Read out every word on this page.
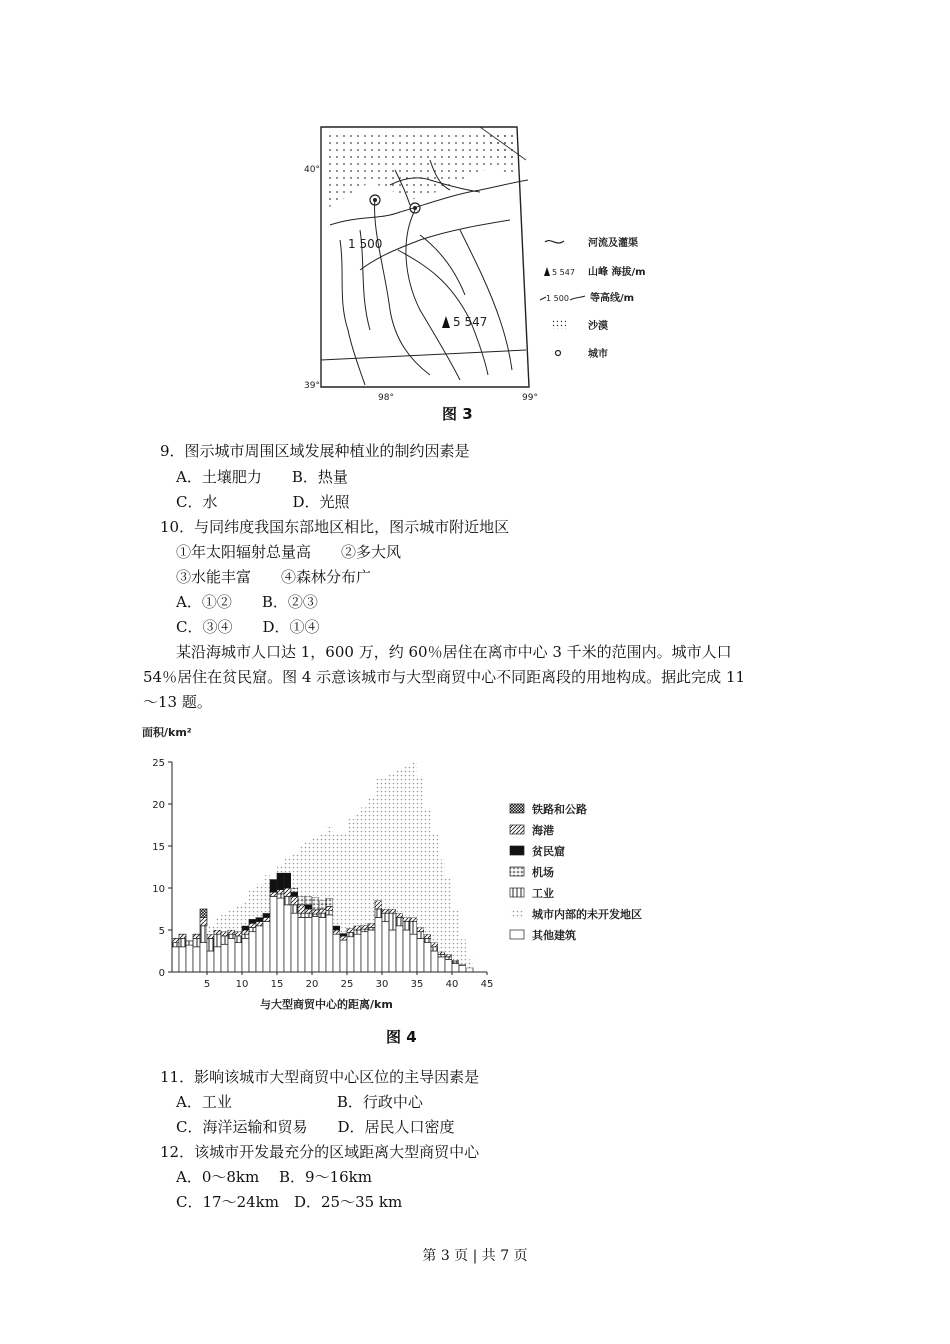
1 500
5 547
40°
39°
98°	99°
河流及灌渠
5 547 山峰 海拔/m
1 500 等高线/m
沙漠
城市
图 3
9．图示城市周围区域发展种植业的制约因素是
A．土壤肥力　　B．热量
C．水　　　　　D．光照
10．与同纬度我国东部地区相比，图示城市附近地区
①年太阳辐射总量高　　②多大风
③水能丰富　　④森林分布广
A．①②　　B．②③
C．③④　　D．①④
某沿海城市人口达 1，600 万，约 60％居住在离市中心 3 千米的范围内。城市人口
54％居住在贫民窟。图 4 示意该城市与大型商贸中心不同距离段的用地构成。据此完成 11
～13 题。
0
5
10
15
20
25
5	10 15 20 25 30 35 40 45
面积/km²
与大型商贸中心的距离/km
铁路和公路
海港
贫民窟
机场
工业
城市内部的未开发地区
其他建筑
图 4
11．影响该城市大型商贸中心区位的主导因素是
A．工业　　　　　　　B．行政中心
C．海洋运输和贸易　　D．居民人口密度
12．该城市开发最充分的区域距离大型商贸中心
A．0～8km　 B．9～16km
C．17～24km　D．25～35 km
第 3 页 | 共 7 页
